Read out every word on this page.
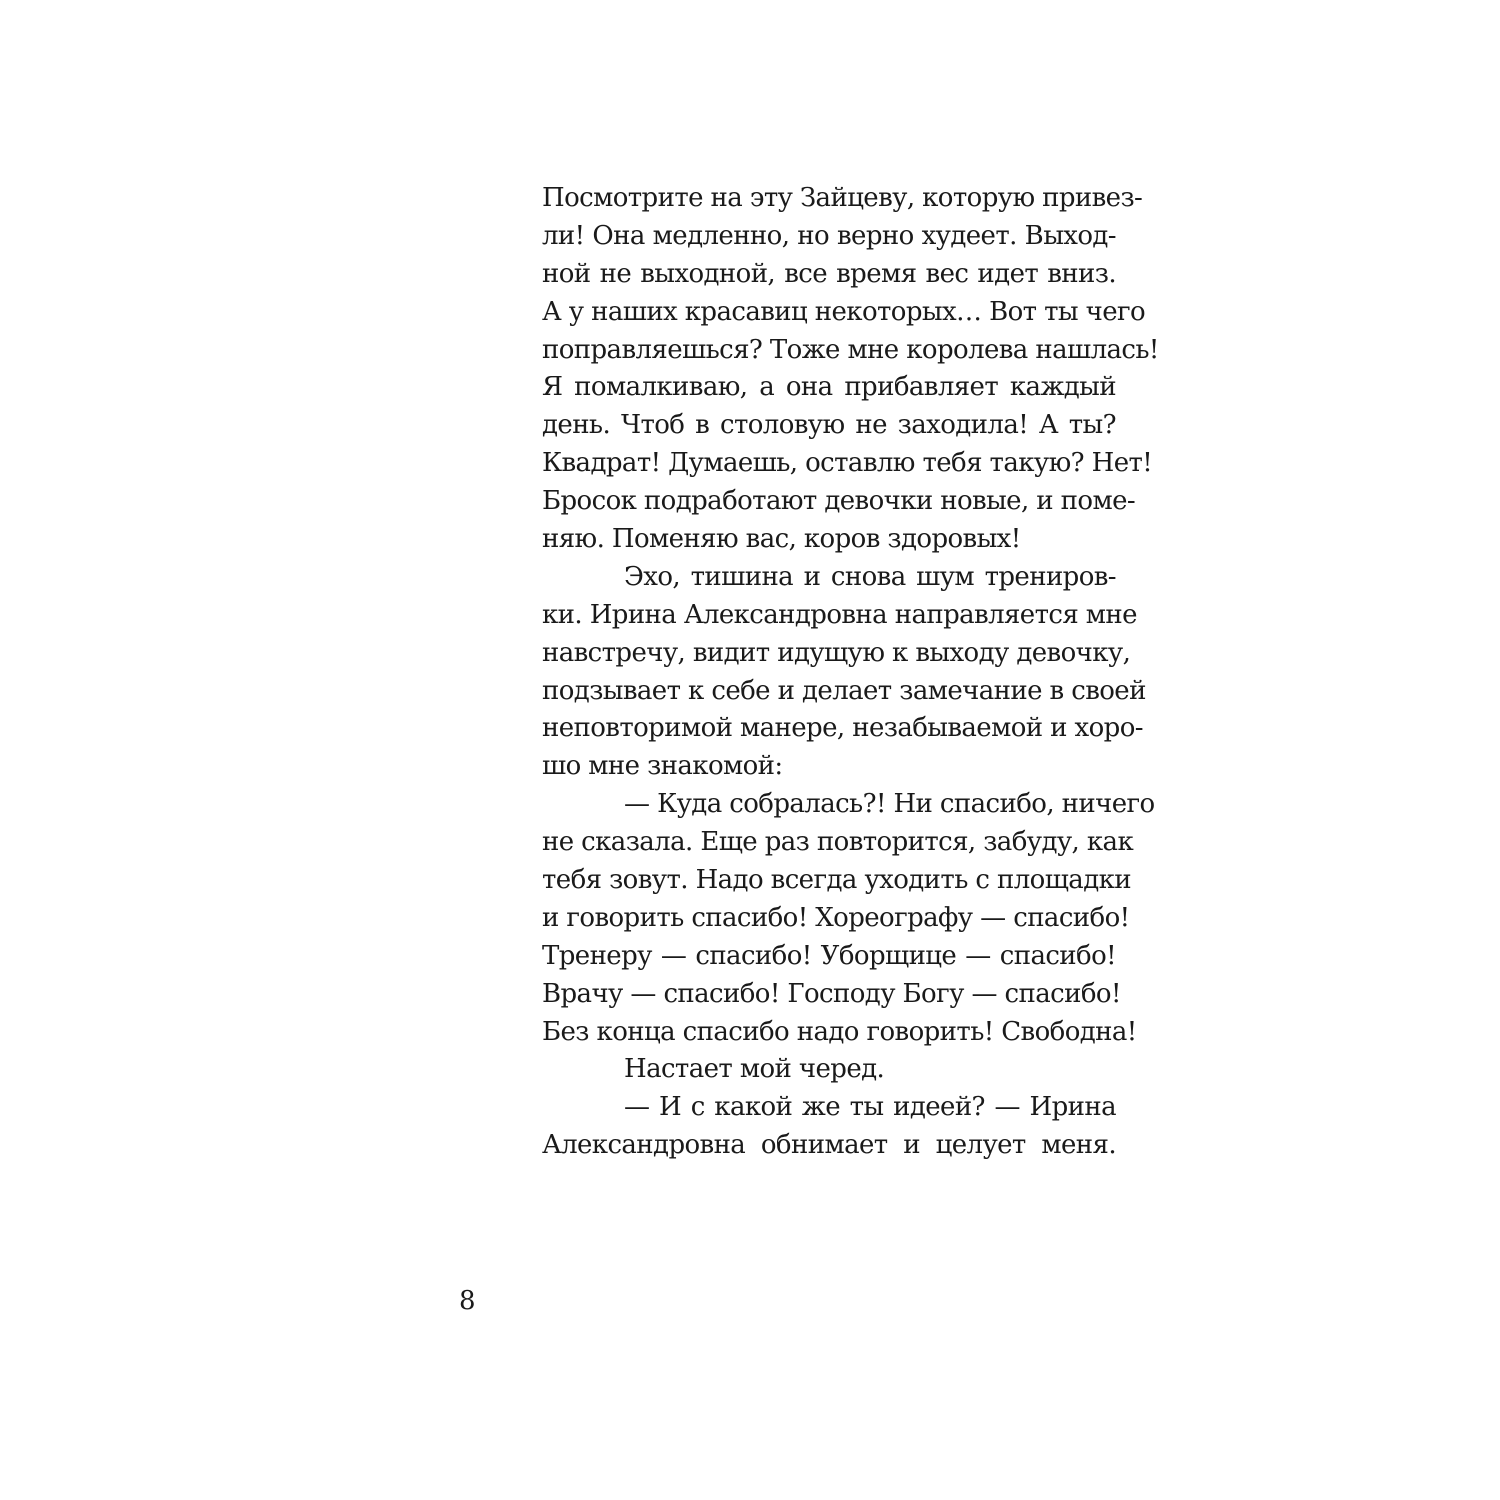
Посмотрите на эту Зайцеву, которую привез-
ли! Она медленно, но верно худеет. Выход-
ной не выходной, все время вес идет вниз.
А у наших красавиц некоторых… Вот ты чего
поправляешься? Тоже мне королева нашлась!
Я помалкиваю, а она прибавляет каждый
день. Чтоб в столовую не заходила! А ты?
Квадрат! Думаешь, оставлю тебя такую? Нет!
Бросок подработают девочки новые, и поме-
няю. Поменяю вас, коров здоровых!
Эхо, тишина и снова шум трениров-
ки. Ирина Александровна направляется мне
навстречу, видит идущую к выходу девочку,
подзывает к себе и делает замечание в своей
неповторимой манере, незабываемой и хоро-
шо мне знакомой:
— Куда собралась?! Ни спасибо, ничего
не сказала. Еще раз повторится, забуду, как
тебя зовут. Надо всегда уходить с площадки
и говорить спасибо! Хореографу — спасибо!
Тренеру — спасибо! Уборщице — спасибо!
Врачу — спасибо! Господу Богу — спасибо!
Без конца спасибо надо говорить! Свободна!
Настает мой черед.
— И с какой же ты идеей? — Ирина
Александровна обнимает и целует меня.
8
